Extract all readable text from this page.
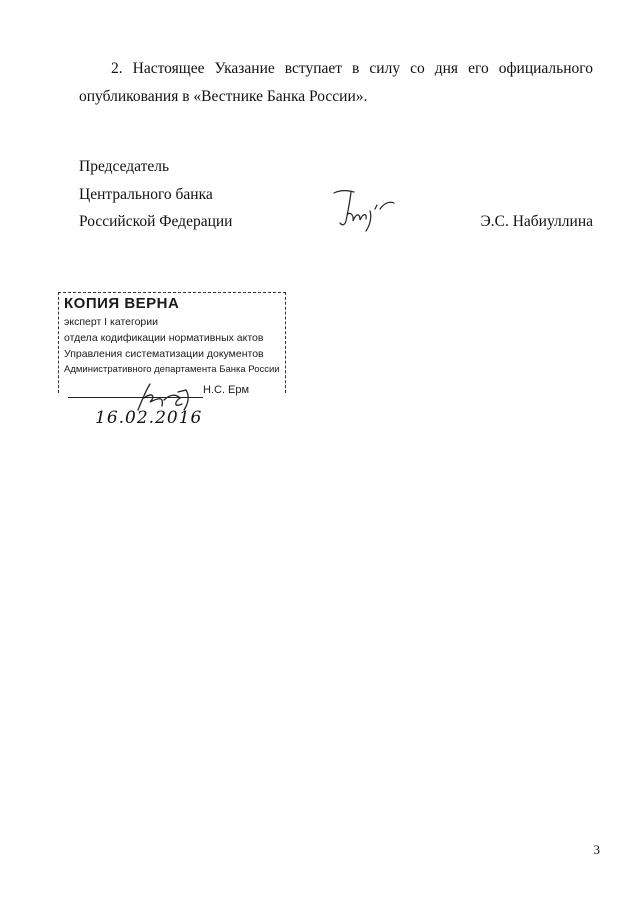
2. Настоящее Указание вступает в силу со дня его официального
опубликования в «Вестнике Банка России».
Председатель
Центрального банка
Российской Федерации	Э.С. Набиуллина
КОПИЯ ВЕРНА
эксперт I категории
отдела кодификации нормативных актов
Управления систематизации документов
Административного департамента Банка России
Н.С. Ерм
16.02.2016
3
